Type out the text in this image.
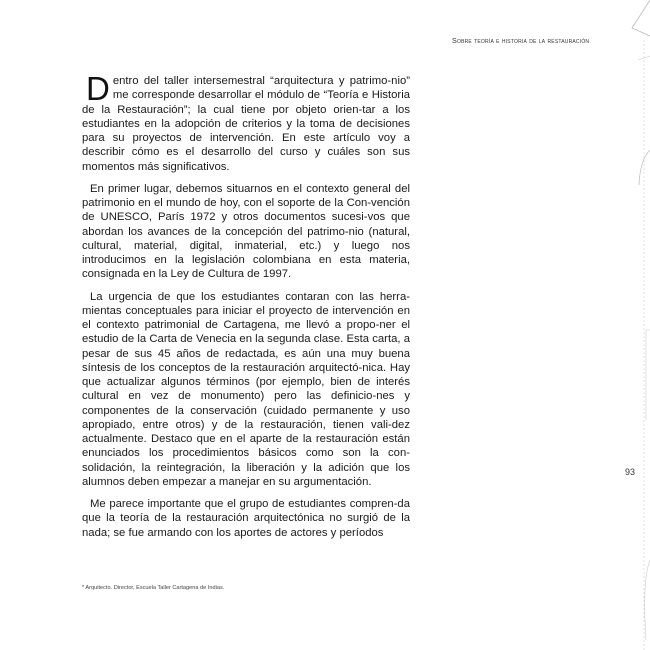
Sobre teoría e historia de la restauración

Dentro del taller intersemestral “arquitectura y patrimo-nio” me corresponde desarrollar el módulo de “Teoría e Historia de la Restauración”; la cual tiene por objeto orien-tar a los estudiantes en la adopción de criterios y la toma de decisiones para su proyectos de intervención. En este artículo voy a describir cómo es el desarrollo del curso y cuáles son sus momentos más significativos.

En primer lugar, debemos situarnos en el contexto general del patrimonio en el mundo de hoy, con el soporte de la Con-vención de UNESCO, París 1972 y otros documentos sucesi-vos que abordan los avances de la concepción del patrimo-nio (natural, cultural, material, digital, inmaterial, etc.) y luego nos introducimos en la legislación colombiana en esta materia, consignada en la Ley de Cultura de 1997.

La urgencia de que los estudiantes contaran con las herra-mientas conceptuales para iniciar el proyecto de intervención en el contexto patrimonial de Cartagena, me llevó a propo-ner el estudio de la Carta de Venecia en la segunda clase. Esta carta, a pesar de sus 45 años de redactada, es aún una muy buena síntesis de los conceptos de la restauración arquitectó-nica. Hay que actualizar algunos términos (por ejemplo, bien de interés cultural en vez de monumento) pero las definicio-nes y componentes de la conservación (cuidado permanente y uso apropiado, entre otros) y de la restauración, tienen vali-dez actualmente. Destaco que en el aparte de la restauración están enunciados los procedimientos básicos como son la con-solidación, la reintegración, la liberación y la adición que los alumnos deben empezar a manejar en su argumentación.

Me parece importante que el grupo de estudiantes compren-da que la teoría de la restauración arquitectónica no surgió de la nada; se fue armando con los aportes de actores y períodos

93
* Arquitecto. Director, Escuela Taller Cartagena de Indias.
